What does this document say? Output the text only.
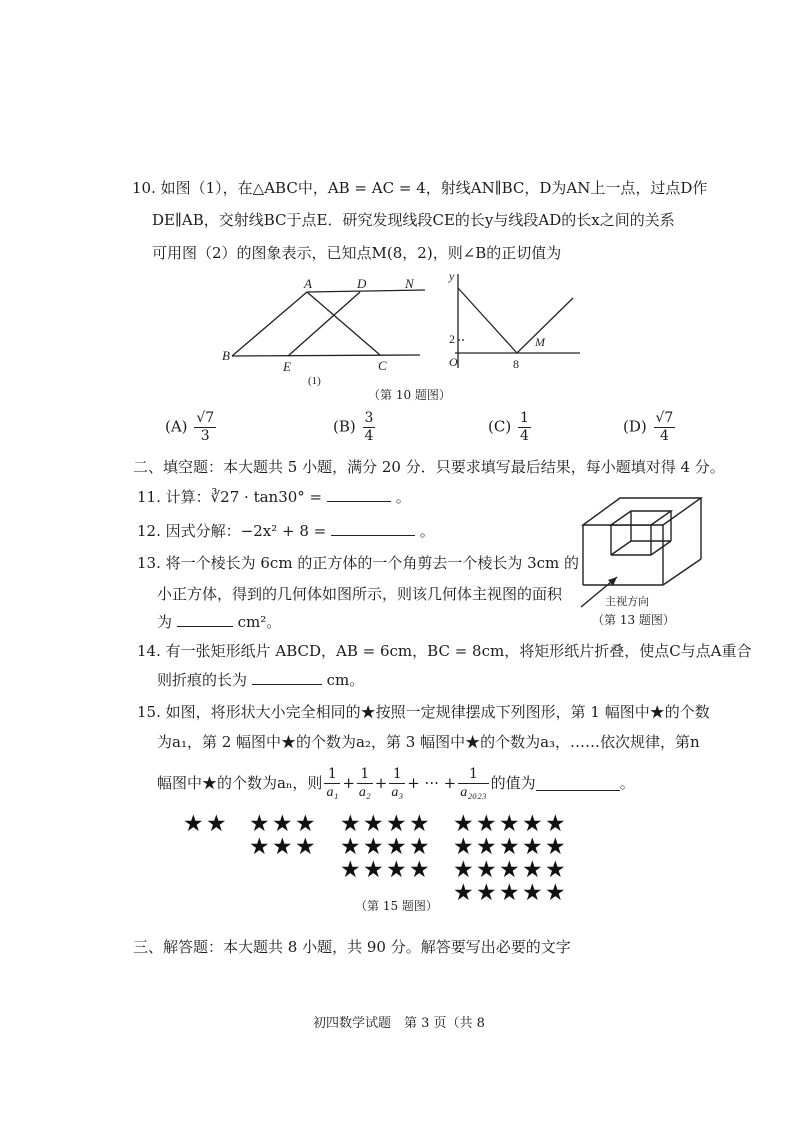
10. 如图（1），在△ABC中，AB = AC = 4，射线AN∥BC，D为AN上一点，过点D作
DE∥AB，交射线BC于点E．研究发现线段CE的长y与线段AD的长x之间的关系
可用图（2）的图象表示，已知点M(8，2)，则∠B的正切值为
A	D	N
B
E	C
(1)
y
2	M
O	8
（第 10 题图）
$(A) \frac{√7}{3}$	$(B) \frac{3}{4}$	$(C) \frac{1}{4}$	$(D) \frac{√7}{4}$
二、填空题：本大题共 5 小题，满分 20 分．只要求填写最后结果，每小题填对得 4 分。
11. 计算：∛27 · tan30° =	。
12. 因式分解：−2x² + 8 =	。
13. 将一个棱长为 6cm 的正方体的一个角剪去一个棱长为 3cm 的
小正方体，得到的几何体如图所示，则该几何体主视图的面积
为	cm²。
主视方向
（第 13 题图）
14. 有一张矩形纸片 ABCD，AB = 6cm，BC = 8cm，将矩形纸片折叠，使点C与点A重合
则折痕的长为	cm。
15. 如图，将形状大小完全相同的★按照一定规律摆成下列图形，第 1 幅图中★的个数
为a₁，第 2 幅图中★的个数为a₂，第 3 幅图中★的个数为a₃，……依次规律，第n
幅图中★的个数为aₙ，则 $\frac{1}{\text{a₁}} + \frac{1}{\text{a₂}} + \frac{1}{\text{a₃}}$ + ··· + $\frac{1}{\text{a₂₀₂₃}}$ 的值为	。
★ ★ ★ ★ ★
★ ★ ★
★ ★ ★ ★
★ ★ ★ ★
★ ★ ★ ★
★ ★ ★ ★ ★
★ ★ ★ ★ ★
★ ★ ★ ★ ★
★ ★ ★ ★ ★
（第 15 题图）
三、解答题：本大题共 8 小题，共 90 分。解答要写出必要的文字
初四数学试题　第 3 页（共 8
